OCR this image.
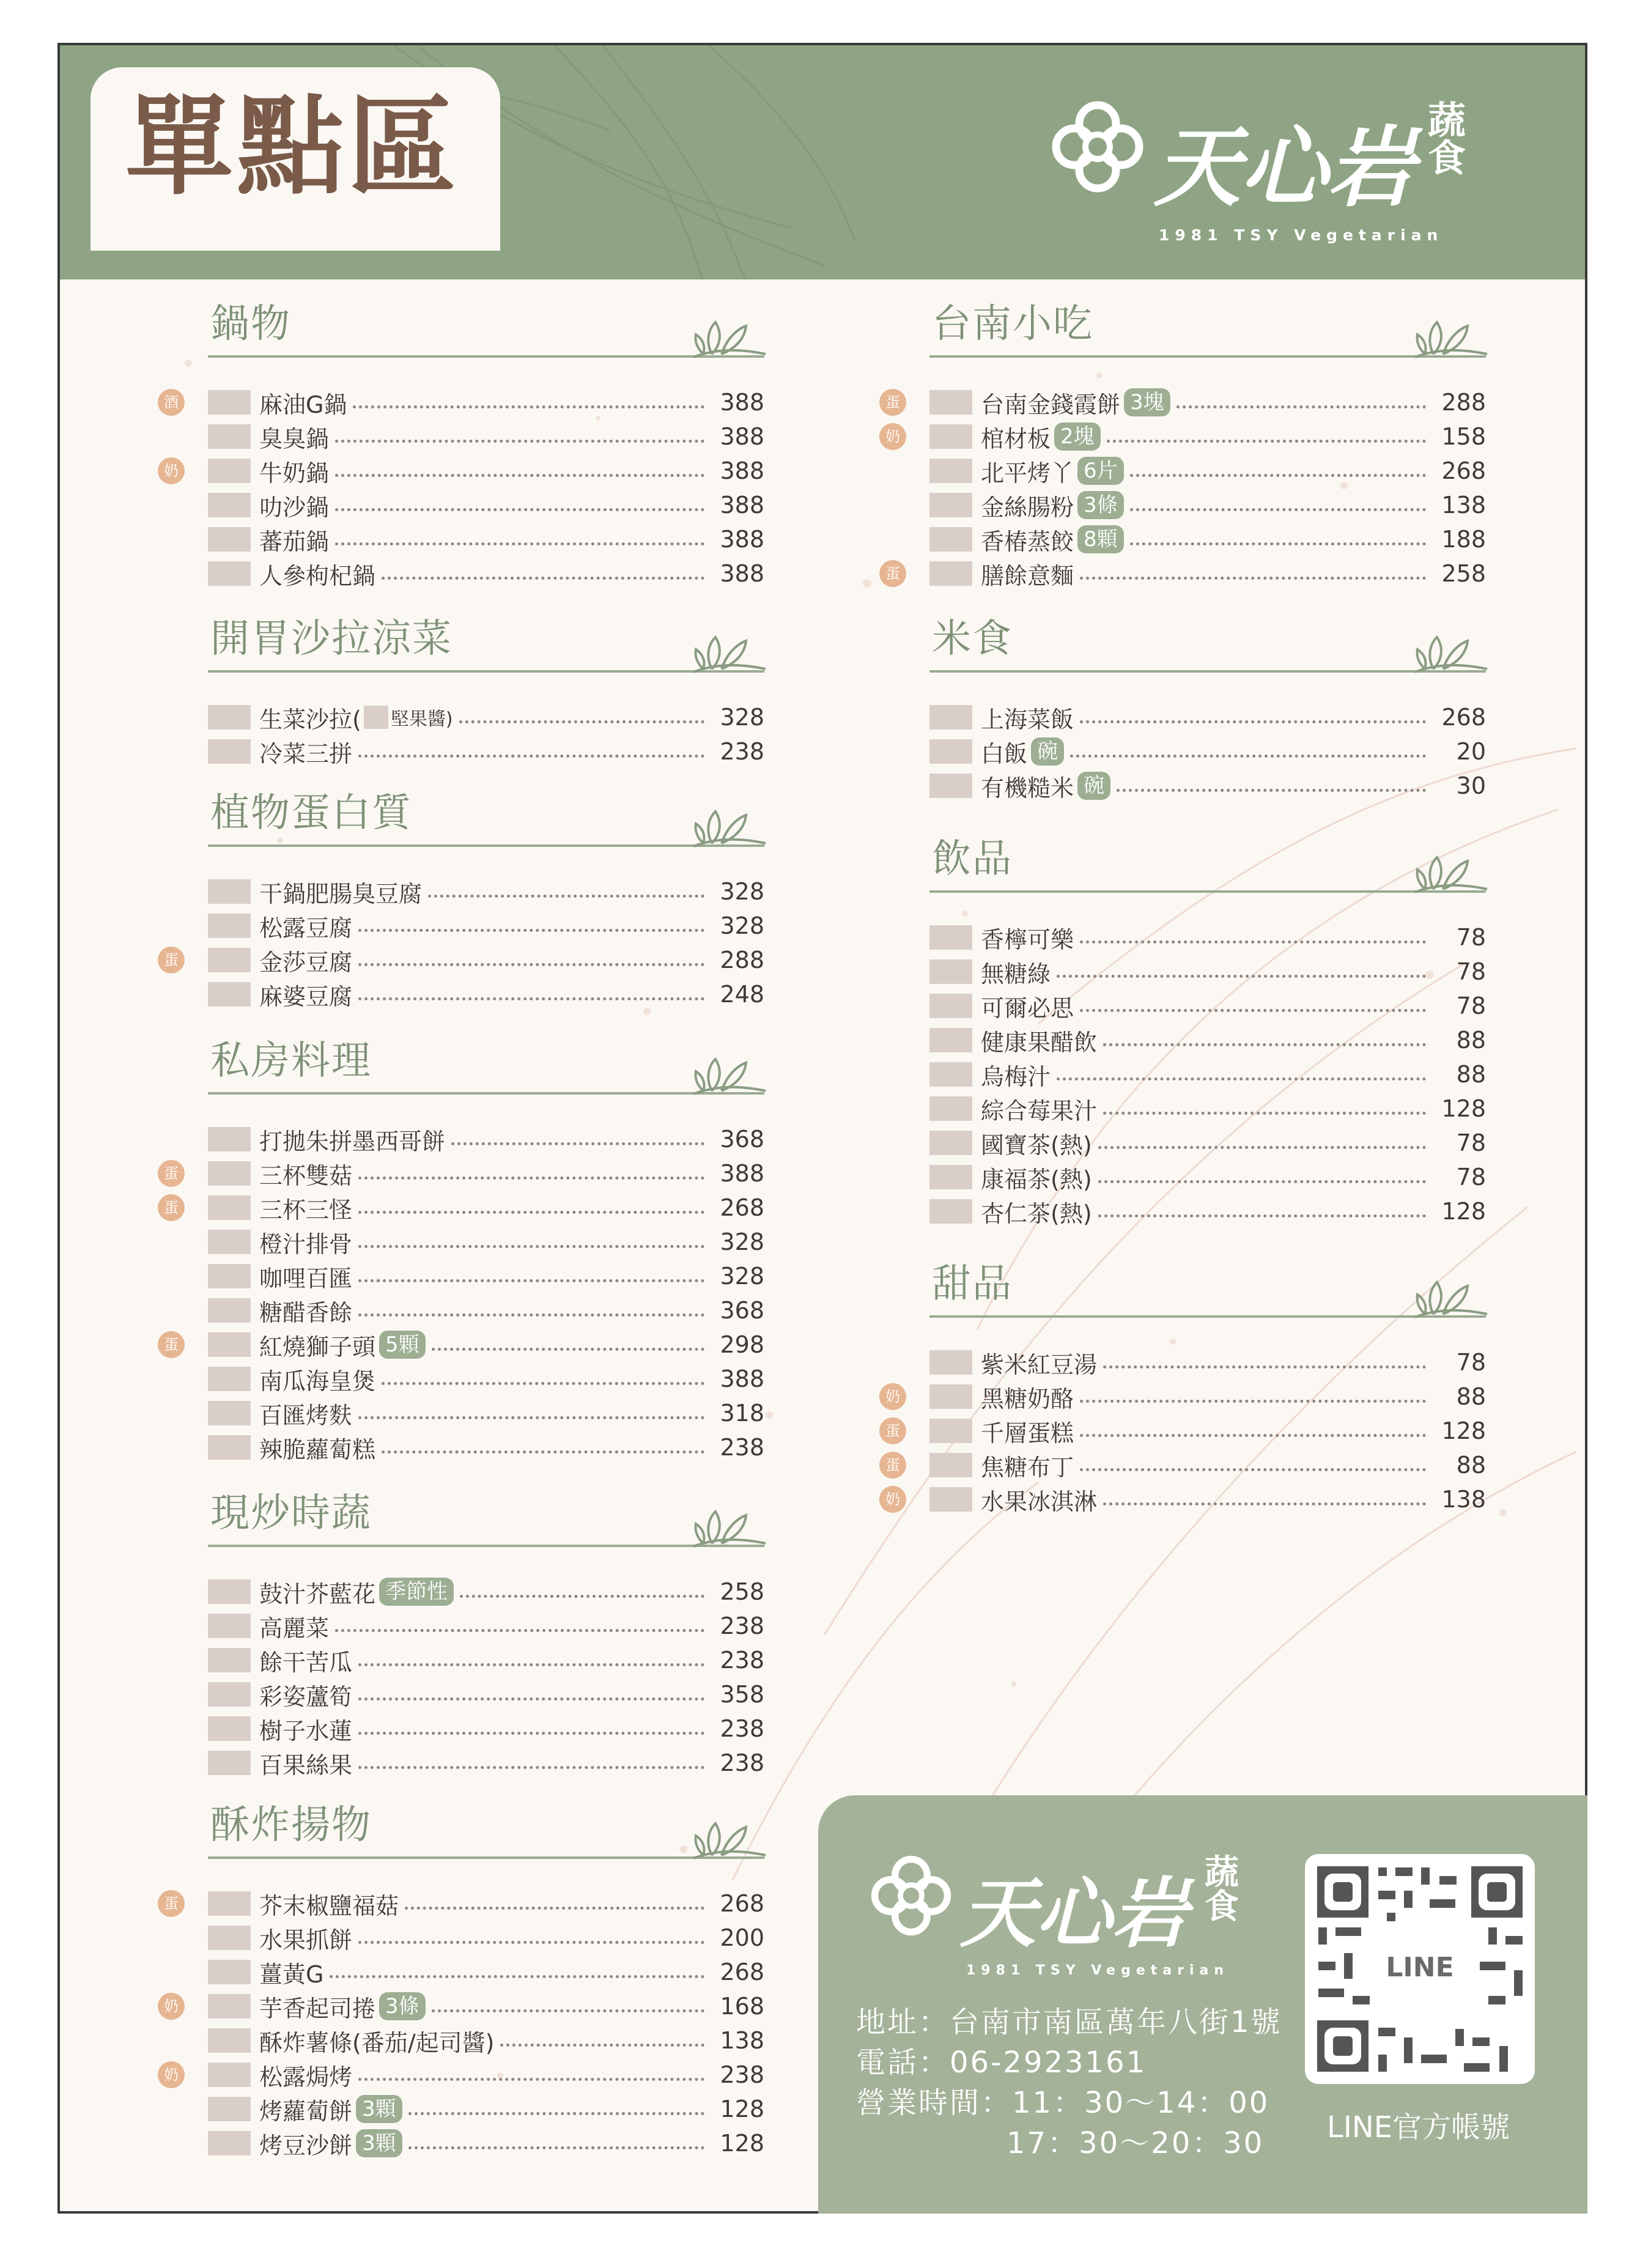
單點區	天心岩 蔬食
1981 TSY Vegetarian
鍋物
酒	麻油G鍋	388
臭臭鍋	388
奶	牛奶鍋	388
叻沙鍋	388
蕃茄鍋	388
人參枸杞鍋	388
開胃沙拉涼菜
生菜沙拉( 堅果醬)	328
冷菜三拼	238
植物蛋白質
干鍋肥腸臭豆腐	328
松露豆腐	328
蛋	金莎豆腐	288
麻婆豆腐	248
私房料理
打拋朱拼墨西哥餅	368
蛋	三杯雙菇	388
蛋	三杯三怪	268
橙汁排骨	328
咖哩百匯	328
糖醋香餘	368
蛋	紅燒獅子頭 5顆	298
南瓜海皇煲	388
百匯烤麩	318
辣脆蘿蔔糕	238
現炒時蔬
鼓汁芥藍花 季節性	258
高麗菜	238
餘干苦瓜	238
彩姿蘆筍	358
樹子水蓮	238
百果絲果	238
酥炸揚物
蛋	芥末椒鹽福菇	268
水果抓餅	200
薑黃G	268
奶	芋香起司捲 3條	168
酥炸薯條(番茄/起司醬)	138
奶	松露焗烤	238
烤蘿蔔餅 3顆	128
烤豆沙餅 3顆	128
台南小吃
蛋	台南金錢霞餅 3塊	288
奶	棺材板 2塊	158
北平烤丫 6片	268
金絲腸粉 3條	138
香椿蒸餃 8顆	188
蛋	膳餘意麵	258
米食
上海菜飯	268
白飯 碗	20
有機糙米 碗	30
飲品
香檸可樂	78
無糖綠	78
可爾必思	78
健康果醋飲	88
烏梅汁	88
綜合莓果汁	128
國寶茶(熱)	78
康福茶(熱)	78
杏仁茶(熱)	128
甜品
紫米紅豆湯	78
奶	黑糖奶酪	88
蛋	千層蛋糕	128
蛋	焦糖布丁	88
奶	水果冰淇淋	138
天心岩 蔬食
1981 TSY Vegetarian
地址：台南市南區萬年八街1號
電話：06-2923161
營業時間：11：30～14：00
17：30～20：30
LINE
LINE官方帳號
